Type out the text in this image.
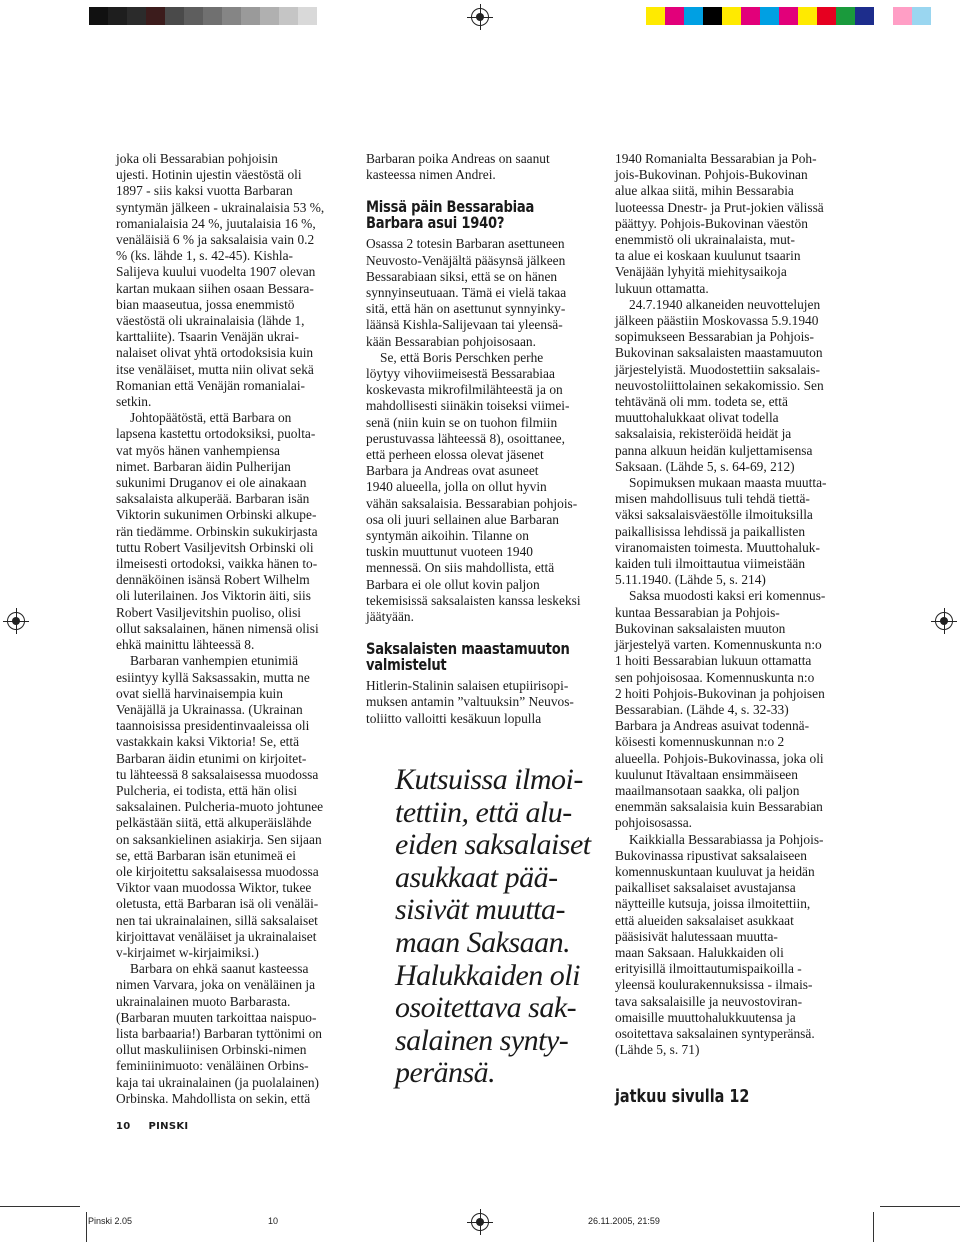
joka oli Bessarabian pohjoisin

ujesti. Hotinin ujestin väestöstä oli

1897 - siis kaksi vuotta Barbaran

syntymän jälkeen - ukrainalaisia 53 %,

romanialaisia 24 %, juutalaisia 16 %,

venäläisiä 6 % ja saksalaisia vain 0.2

% (ks. lähde 1, s. 42-45). Kishla-

Salijeva kuului vuodelta 1907 olevan

kartan mukaan siihen osaan Bessara-

bian maaseutua, jossa enemmistö

väestöstä oli ukrainalaisia (lähde 1,

karttaliite). Tsaarin Venäjän ukrai-

nalaiset olivat yhtä ortodoksisia kuin

itse venäläiset, mutta niin olivat sekä

Romanian että Venäjän romanialai-

setkin.

Johtopäätöstä, että Barbara on

lapsena kastettu ortodoksiksi, puolta-

vat myös hänen vanhempiensa

nimet. Barbaran äidin Pulherijan

sukunimi Druganov ei ole ainakaan

saksalaista alkuperää. Barbaran isän

Viktorin sukunimen Orbinski alkupe-

rän tiedämme. Orbinskin sukukirjasta

tuttu Robert Vasiljevitsh Orbinski oli

ilmeisesti ortodoksi, vaikka hänen to-

dennäköinen isänsä Robert Wilhelm

oli luterilainen. Jos Viktorin äiti, siis

Robert Vasiljevitshin puoliso, olisi

ollut saksalainen, hänen nimensä olisi

ehkä mainittu lähteessä 8.

Barbaran vanhempien etunimiä

esiintyy kyllä Saksassakin, mutta ne

ovat siellä harvinaisempia kuin

Venäjällä ja Ukrainassa. (Ukrainan

taannoisissa presidentinvaaleissa oli

vastakkain kaksi Viktoria! Se, että

Barbaran äidin etunimi on kirjoitet-

tu lähteessä 8 saksalaisessa muodossa

Pulcheria, ei todista, että hän olisi

saksalainen. Pulcheria-muoto johtunee

pelkästään siitä, että alkuperäislähde

on saksankielinen asiakirja. Sen sijaan

se, että Barbaran isän etunimeä ei

ole kirjoitettu saksalaisessa muodossa

Viktor vaan muodossa Wiktor, tukee

oletusta, että Barbaran isä oli venäläi-

nen tai ukrainalainen, sillä saksalaiset

kirjoittavat venäläiset ja ukrainalaiset

v-kirjaimet w-kirjaimiksi.)

Barbara on ehkä saanut kasteessa

nimen Varvara, joka on venäläinen ja

ukrainalainen muoto Barbarasta.

(Barbaran muuten tarkoittaa naispuo-

lista barbaaria!) Barbaran tyttönimi on

ollut maskuliinisen Orbinski-nimen

feminiinimuoto: venäläinen Orbins-

kaja tai ukrainalainen (ja puolalainen)

Orbinska. Mahdollista on sekin, että

Barbaran poika Andreas on saanut

kasteessa nimen Andrei.

Missä päin Bessarabiaa Barbara asui 1940?

Osassa 2 totesin Barbaran asettuneen

Neuvosto-Venäjältä pääsynsä jälkeen

Bessarabiaan siksi, että se on hänen

synnyinseutuaan. Tämä ei vielä takaa

sitä, että hän on asettunut synnyinky-

läänsä Kishla-Salijevaan tai yleensä-

kään Bessarabian pohjoisosaan.

Se, että Boris Perschken perhe

löytyy vihoviimeisestä Bessarabiaa

koskevasta mikrofilmilähteestä ja on

mahdollisesti siinäkin toiseksi viimei-

senä (niin kuin se on tuohon filmiin

perustuvassa lähteessä 8), osoittanee,

että perheen elossa olevat jäsenet

Barbara ja Andreas ovat asuneet

1940 alueella, jolla on ollut hyvin

vähän saksalaisia. Bessarabian pohjois-

osa oli juuri sellainen alue Barbaran

syntymän aikoihin. Tilanne on

tuskin muuttunut vuoteen 1940

mennessä. On siis mahdollista, että

Barbara ei ole ollut kovin paljon

tekemisissä saksalaisten kanssa leskeksi

jäätyään.

Saksalaisten maastamuuton valmistelut

Hitlerin-Stalinin salaisen etupiirisopi-

muksen antamin ”valtuuksin” Neuvos-

toliitto valloitti kesäkuun lopulla

Kutsuissa ilmoi-

tettiin, että alu-

eiden saksalaiset

asukkaat pää-

sisivät muutta-

maan Saksaan.

Halukkaiden oli

osoitettava sak-

salainen synty-

peränsä.

1940 Romanialta Bessarabian ja Poh-

jois-Bukovinan. Pohjois-Bukovinan

alue alkaa siitä, mihin Bessarabia

luoteessa Dnestr- ja Prut-jokien välissä

päättyy. Pohjois-Bukovinan väestön

enemmistö oli ukrainalaista, mut-

ta alue ei koskaan kuulunut tsaarin

Venäjään lyhyitä miehitysaikoja

lukuun ottamatta.

24.7.1940 alkaneiden neuvottelujen

jälkeen päästiin Moskovassa 5.9.1940

sopimukseen Bessarabian ja Pohjois-

Bukovinan saksalaisten maastamuuton

järjestelyistä. Muodostettiin saksalais-

neuvostoliittolainen sekakomissio. Sen

tehtävänä oli mm. todeta se, että

muuttohalukkaat olivat todella

saksalaisia, rekisteröidä heidät ja

panna alkuun heidän kuljettamisensa

Saksaan. (Lähde 5, s. 64-69, 212)

Sopimuksen mukaan maasta muutta-

misen mahdollisuus tuli tehdä tiettä-

väksi saksalaisväestölle ilmoituksilla

paikallisissa lehdissä ja paikallisten

viranomaisten toimesta. Muuttohaluk-

kaiden tuli ilmoittautua viimeistään

5.11.1940. (Lähde 5, s. 214)

Saksa muodosti kaksi eri komennus-

kuntaa Bessarabian ja Pohjois-

Bukovinan saksalaisten muuton

järjestelyä varten. Komennuskunta n:o

1 hoiti Bessarabian lukuun ottamatta

sen pohjoisosaa. Komennuskunta n:o

2 hoiti Pohjois-Bukovinan ja pohjoisen

Bessarabian. (Lähde 4, s. 32-33)

Barbara ja Andreas asuivat todennä-

köisesti komennuskunnan n:o 2

alueella. Pohjois-Bukovinassa, joka oli

kuulunut Itävaltaan ensimmäiseen

maailmansotaan saakka, oli paljon

enemmän saksalaisia kuin Bessarabian

pohjoisosassa.

Kaikkialla Bessarabiassa ja Pohjois-

Bukovinassa ripustivat saksalaiseen

komennuskuntaan kuuluvat ja heidän

paikalliset saksalaiset avustajansa

näytteille kutsuja, joissa ilmoitettiin,

että alueiden saksalaiset asukkaat

pääsisivät halutessaan muutta-

maan Saksaan. Halukkaiden oli

erityisillä ilmoittautumispaikoilla -

yleensä koulurakennuksissa - ilmais-

tava saksalaisille ja neuvostoviran-

omaisille muuttohalukkuutensa ja

osoitettava saksalainen syntyperänsä.

(Lähde 5, s. 71)

jatkuu sivulla 12
10 PINSKI
Pinski 2.05	10	26.11.2005, 21:59
